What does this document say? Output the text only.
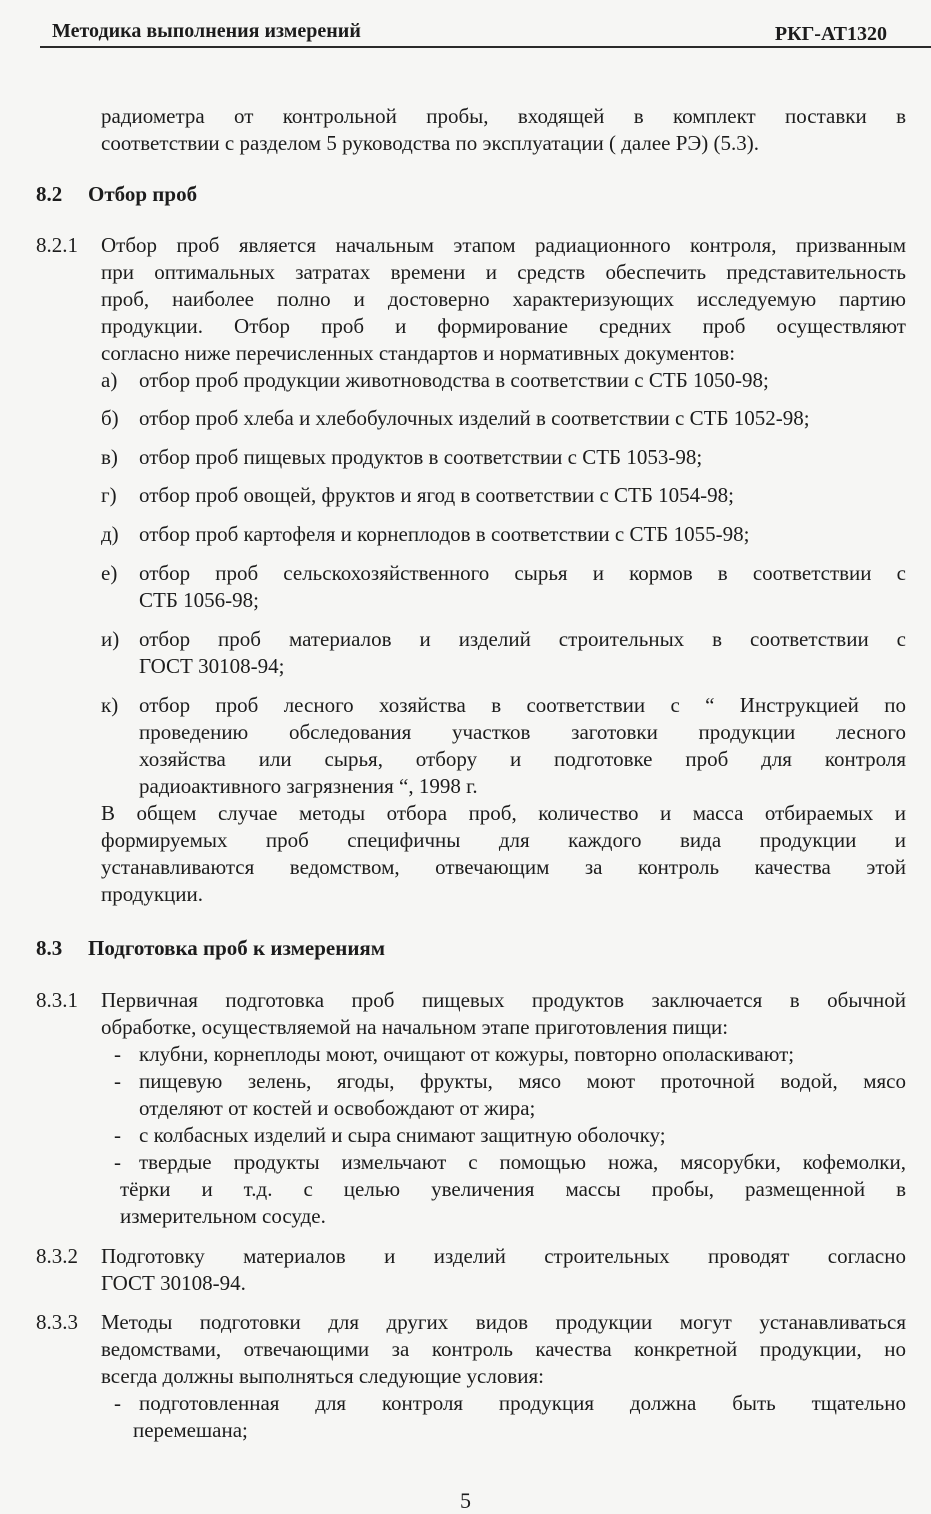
Методика выполнения измерений	РКГ-АТ1320
радиометра от контрольной пробы, входящей в комплект поставки в
соответствии с разделом 5 руководства по эксплуатации ( далее РЭ) (5.3).
8.2 Отбор проб
8.2.1 Отбор проб является начальным этапом радиационного контроля, призванным
при оптимальных затратах времени и средств обеспечить представительность
проб, наиболее полно и достоверно характеризующих исследуемую партию
продукции. Отбор проб и формирование средних проб осуществляют
согласно ниже перечисленных стандартов и нормативных документов:
а) отбор проб продукции животноводства в соответствии с СТБ 1050-98;
б) отбор проб хлеба и хлебобулочных изделий в соответствии с СТБ 1052-98;
в) отбор проб пищевых продуктов в соответствии с СТБ 1053-98;
г) отбор проб овощей, фруктов и ягод в соответствии с СТБ 1054-98;
д) отбор проб картофеля и корнеплодов в соответствии с СТБ 1055-98;
е) отбор проб сельскохозяйственного сырья и кормов в соответствии с
СТБ 1056-98;
и) отбор проб материалов и изделий строительных в соответствии с
ГОСТ 30108-94;
к) отбор проб лесного хозяйства в соответствии с “ Инструкцией по
проведению обследования участков заготовки продукции лесного
хозяйства или сырья, отбору и подготовке проб для контроля
радиоактивного загрязнения “, 1998 г.
В общем случае методы отбора проб, количество и масса отбираемых и
формируемых проб специфичны для каждого вида продукции и
устанавливаются ведомством, отвечающим за контроль качества этой
продукции.
8.3 Подготовка проб к измерениям
8.3.1 Первичная подготовка проб пищевых продуктов заключается в обычной
обработке, осуществляемой на начальном этапе приготовления пищи:
- клубни, корнеплоды моют, очищают от кожуры, повторно ополаскивают;
- пищевую зелень, ягоды, фрукты, мясо моют проточной водой, мясо
отделяют от костей и освобождают от жира;
- с колбасных изделий и сыра снимают защитную оболочку;
- твердые продукты измельчают с помощью ножа, мясорубки, кофемолки,
тёрки и т.д. с целью увеличения массы пробы, размещенной в
измерительном сосуде.
8.3.2 Подготовку материалов и изделий строительных проводят согласно
ГОСТ 30108-94.
8.3.3 Методы подготовки для других видов продукции могут устанавливаться
ведомствами, отвечающими за контроль качества конкретной продукции, но
всегда должны выполняться следующие условия:
- подготовленная для контроля продукция должна быть тщательно
перемешана;
5
